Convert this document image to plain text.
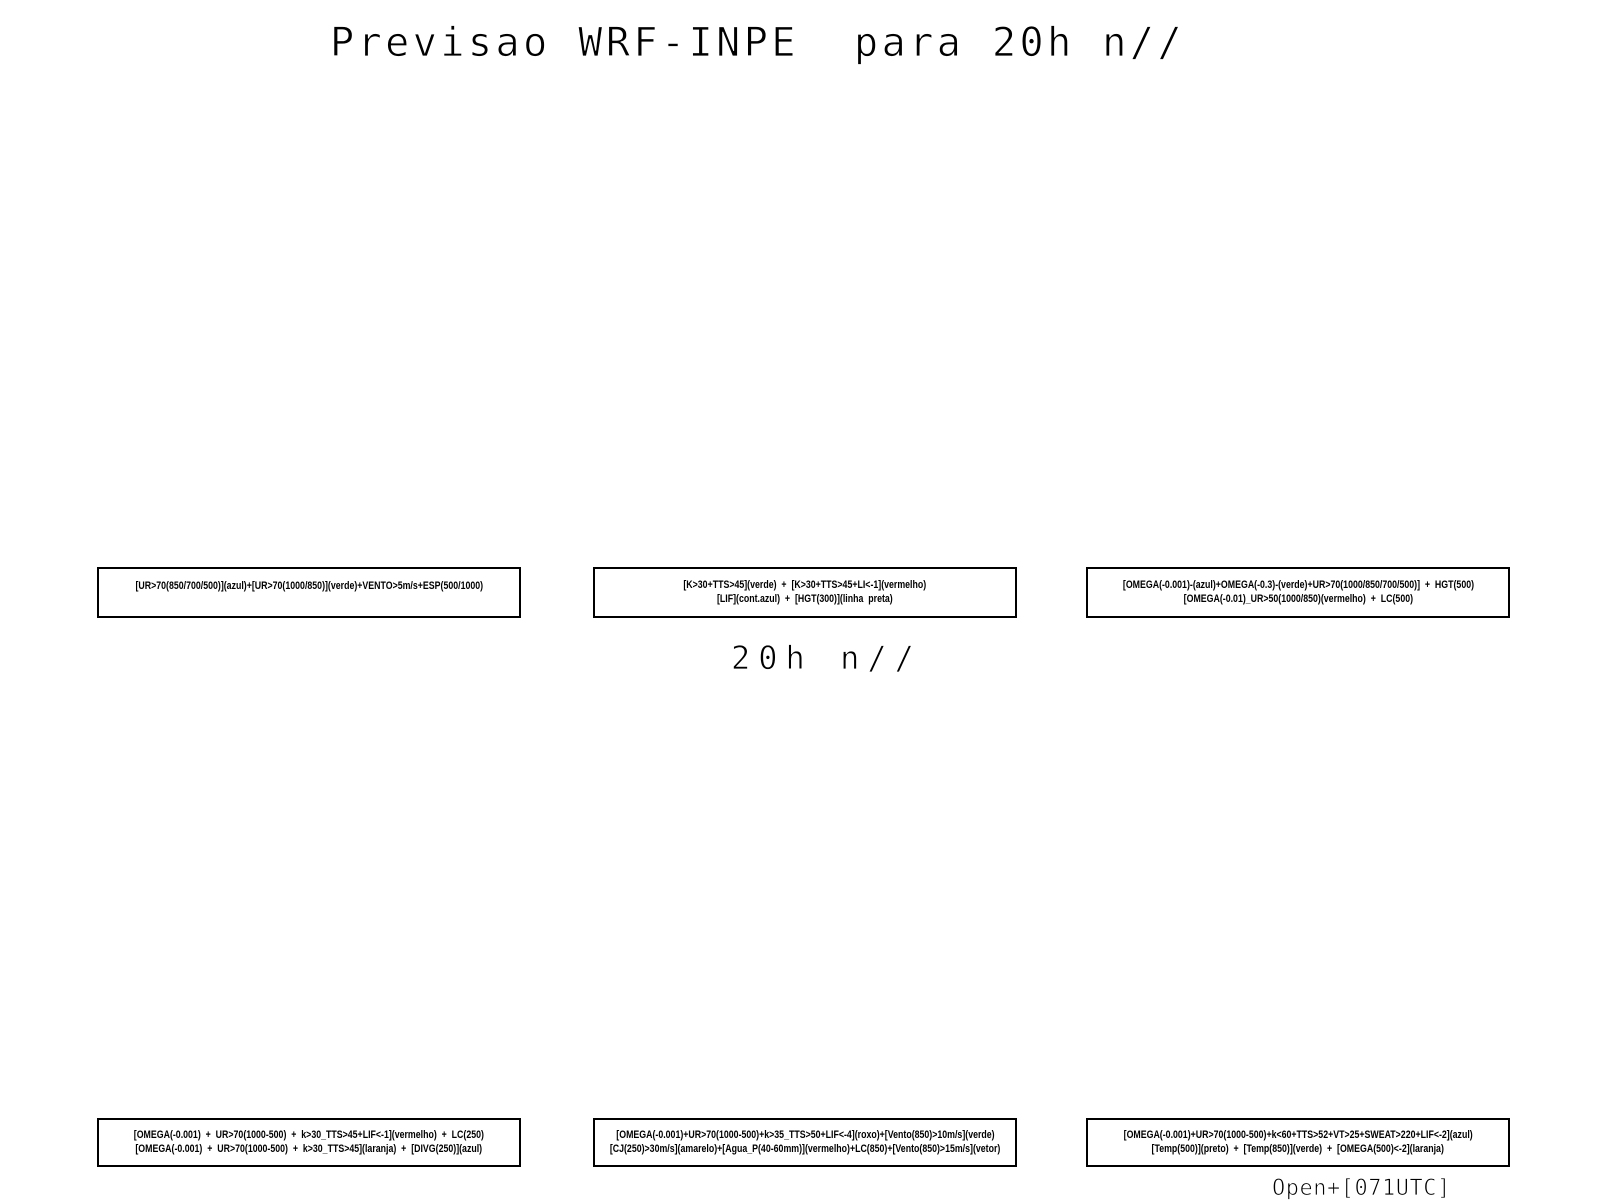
Previsao WRF-INPE  para 20h n//
[UR>70(850/700/500)](azul)+[UR>70(1000/850)](verde)+VENTO>5m/s+ESP(500/1000)	[K>30+TTS>45](verde)  +  [K>30+TTS>45+LI<-1](vermelho)
[LIF](cont.azul)  +  [HGT(300)](linha  preta)
[OMEGA(-0.001)-(azul)+OMEGA(-0.3)-(verde)+UR>70(1000/850/700/500)]  +  HGT(500)
[OMEGA(-0.01)_UR>50(1000/850)(vermelho)  +  LC(500)
20h n//
[OMEGA(-0.001)  +  UR>70(1000-500)  +  k>30_TTS>45+LIF<-1](vermelho)  +  LC(250)
[OMEGA(-0.001)  +  UR>70(1000-500)  +  k>30_TTS>45](laranja)  +  [DIVG(250)](azul)
[OMEGA(-0.001)+UR>70(1000-500)+k>35_TTS>50+LIF<-4](roxo)+[Vento(850)>10m/s](verde)
[CJ(250)>30m/s](amarelo)+[Agua_P(40-60mm)](vermelho)+LC(850)+[Vento(850)>15m/s](vetor)
[OMEGA(-0.001)+UR>70(1000-500)+k<60+TTS>52+VT>25+SWEAT>220+LIF<-2](azul)
[Temp(500)](preto)  +  [Temp(850)](verde)  +  [OMEGA(500)<-2](laranja)
Open+[071UTC]
